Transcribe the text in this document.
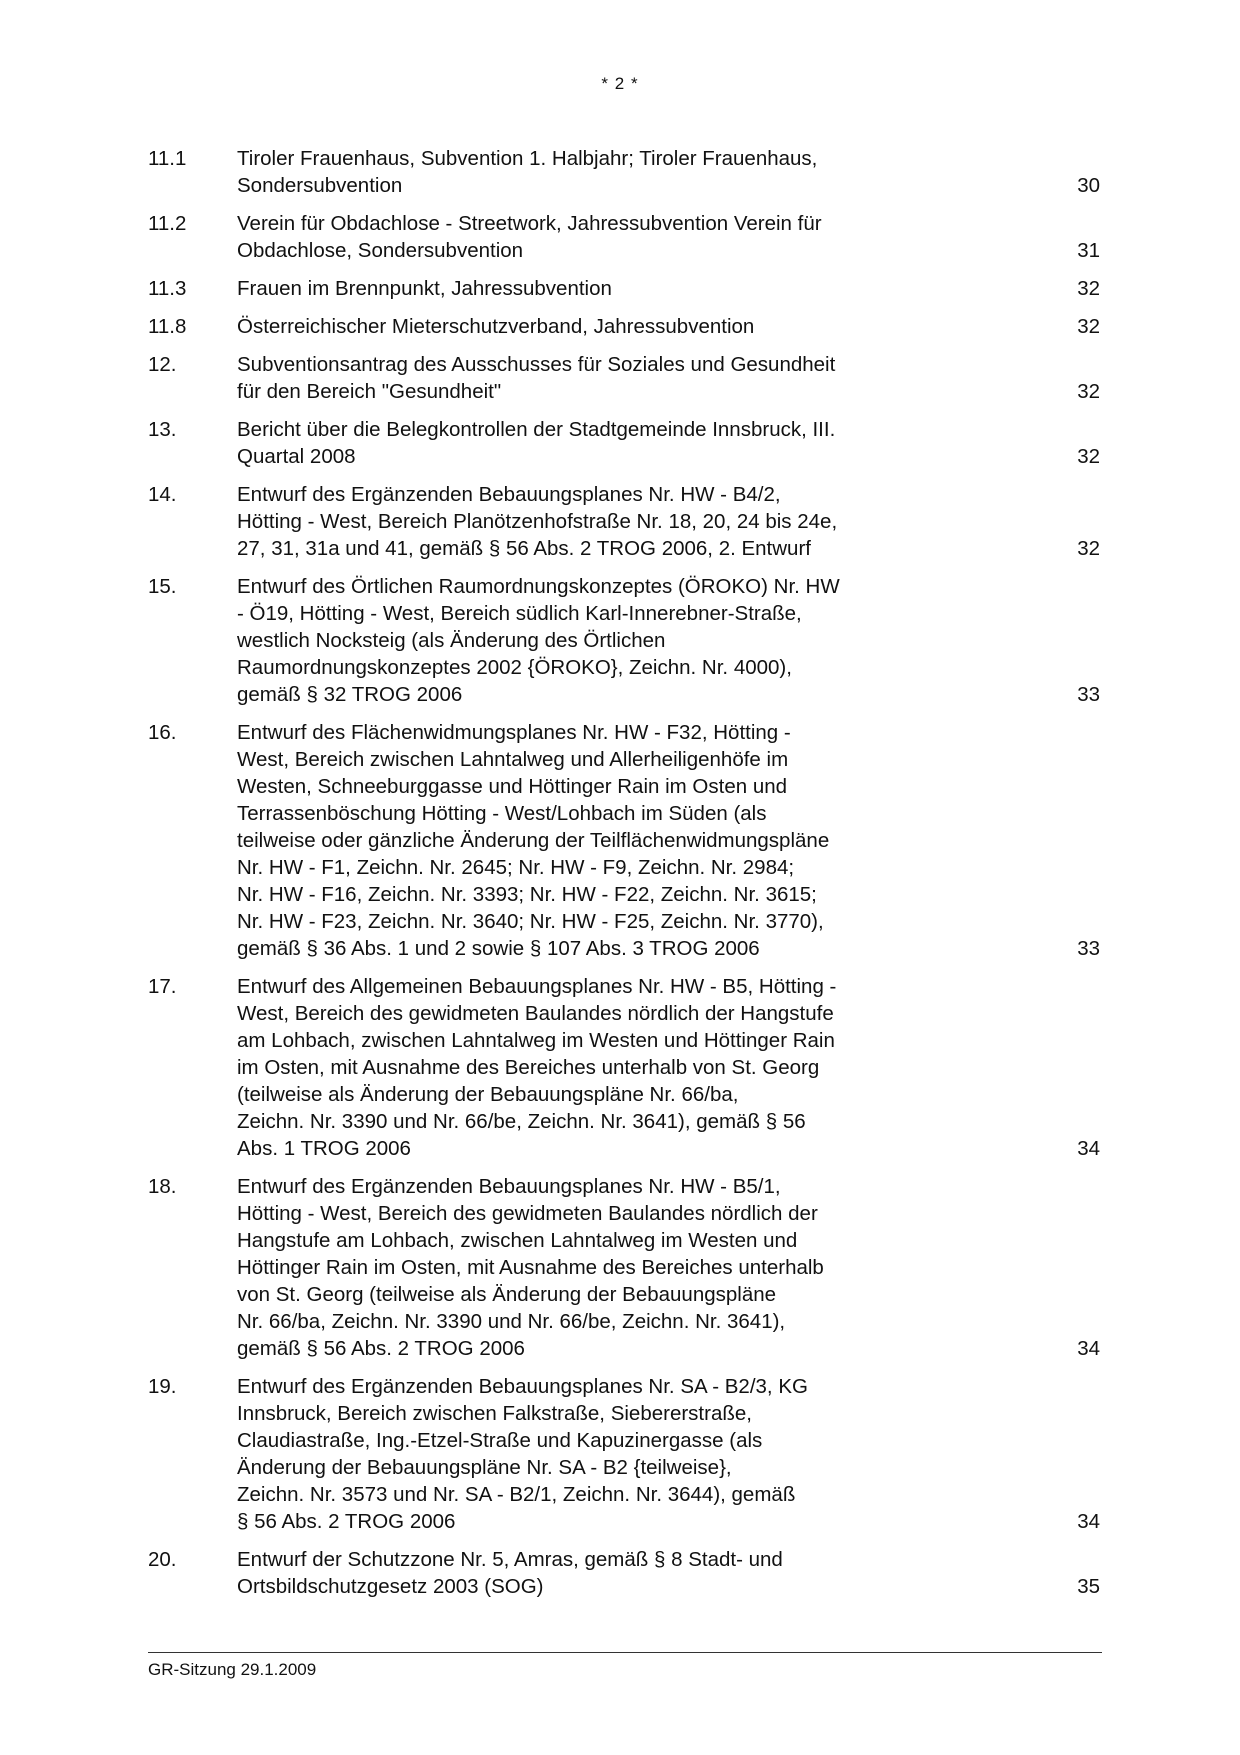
* 2 *
11.1 Tiroler Frauenhaus, Subvention 1. Halbjahr; Tiroler Frauenhaus,
Sondersubvention	30
11.2 Verein für Obdachlose - Streetwork, Jahressubvention Verein für
Obdachlose, Sondersubvention	31
11.3 Frauen im Brennpunkt, Jahressubvention	32
11.8 Österreichischer Mieterschutzverband, Jahressubvention	32
12.	Subventionsantrag des Ausschusses für Soziales und Gesundheit
für den Bereich "Gesundheit"	32
13.	Bericht über die Belegkontrollen der Stadtgemeinde Innsbruck, III.
Quartal 2008	32
14.	Entwurf des Ergänzenden Bebauungsplanes Nr. HW - B4/2,
Hötting - West, Bereich Planötzenhofstraße Nr. 18, 20, 24 bis 24e,
27, 31, 31a und 41, gemäß § 56 Abs. 2 TROG 2006, 2. Entwurf	32
15.	Entwurf des Örtlichen Raumordnungskonzeptes (ÖROKO) Nr. HW
- Ö19, Hötting - West, Bereich südlich Karl-Innerebner-Straße,
westlich Nocksteig (als Änderung des Örtlichen
Raumordnungskonzeptes 2002 {ÖROKO}, Zeichn. Nr. 4000),
gemäß § 32 TROG 2006	33
16.	Entwurf des Flächenwidmungsplanes Nr. HW - F32, Hötting -
West, Bereich zwischen Lahntalweg und Allerheiligenhöfe im
Westen, Schneeburggasse und Höttinger Rain im Osten und
Terrassenböschung Hötting - West/Lohbach im Süden (als
teilweise oder gänzliche Änderung der Teilflächenwidmungspläne
Nr. HW - F1, Zeichn. Nr. 2645; Nr. HW - F9, Zeichn. Nr. 2984;
Nr. HW - F16, Zeichn. Nr. 3393; Nr. HW - F22, Zeichn. Nr. 3615;
Nr. HW - F23, Zeichn. Nr. 3640; Nr. HW - F25, Zeichn. Nr. 3770),
gemäß § 36 Abs. 1 und 2 sowie § 107 Abs. 3 TROG 2006	33
17.	Entwurf des Allgemeinen Bebauungsplanes Nr. HW - B5, Hötting -
West, Bereich des gewidmeten Baulandes nördlich der Hangstufe
am Lohbach, zwischen Lahntalweg im Westen und Höttinger Rain
im Osten, mit Ausnahme des Bereiches unterhalb von St. Georg
(teilweise als Änderung der Bebauungspläne Nr. 66/ba,
Zeichn. Nr. 3390 und Nr. 66/be, Zeichn. Nr. 3641), gemäß § 56
Abs. 1 TROG 2006	34
18.	Entwurf des Ergänzenden Bebauungsplanes Nr. HW - B5/1,
Hötting - West, Bereich des gewidmeten Baulandes nördlich der
Hangstufe am Lohbach, zwischen Lahntalweg im Westen und
Höttinger Rain im Osten, mit Ausnahme des Bereiches unterhalb
von St. Georg (teilweise als Änderung der Bebauungspläne
Nr. 66/ba, Zeichn. Nr. 3390 und Nr. 66/be, Zeichn. Nr. 3641),
gemäß § 56 Abs. 2 TROG 2006	34
19.	Entwurf des Ergänzenden Bebauungsplanes Nr. SA - B2/3, KG
Innsbruck, Bereich zwischen Falkstraße, Siebererstraße,
Claudiastraße, Ing.-Etzel-Straße und Kapuzinergasse (als
Änderung der Bebauungspläne Nr. SA - B2 {teilweise},
Zeichn. Nr. 3573 und Nr. SA - B2/1, Zeichn. Nr. 3644), gemäß
§ 56 Abs. 2 TROG 2006	34
20.	Entwurf der Schutzzone Nr. 5, Amras, gemäß § 8 Stadt- und
Ortsbildschutzgesetz 2003 (SOG)	35
GR-Sitzung 29.1.2009
